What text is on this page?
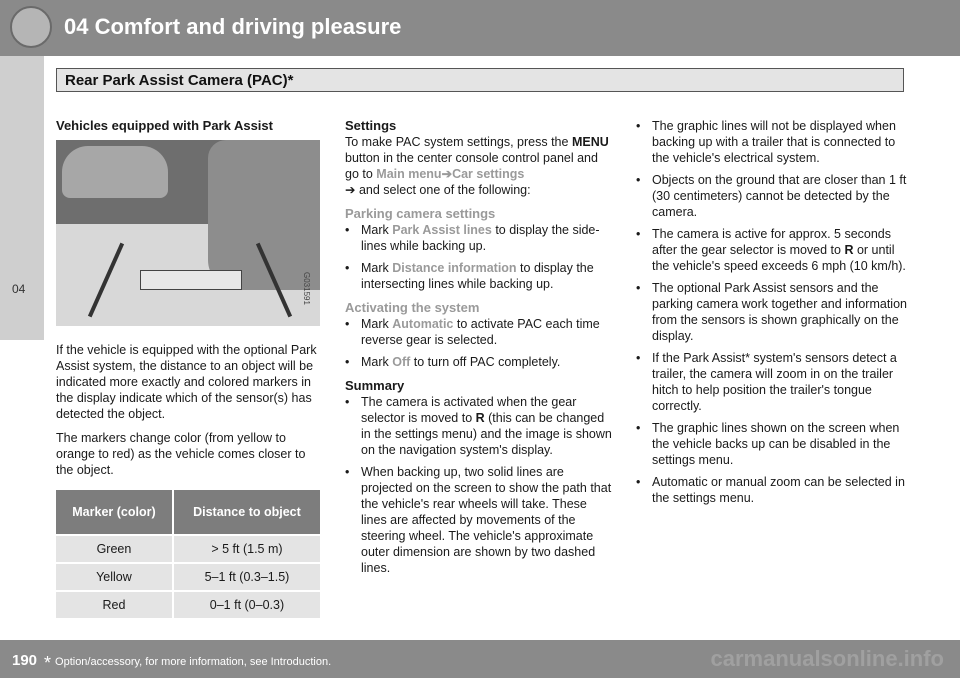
04 Comfort and driving pleasure
Rear Park Assist Camera (PAC)*
04
Vehicles equipped with Park Assist
G031591

If the vehicle is equipped with the optional Park Assist system, the distance to an object will be indicated more exactly and colored markers in the display indicate which of the sensor(s) has detected the object.

The markers change color (from yellow to orange to red) as the vehicle comes closer to the object.

Marker (color)	Distance to object
Green	> 5 ft (1.5 m)
Yellow	5–1 ft (0.3–1.5)
Red	0–1 ft (0–0.3)
Settings

To make PAC system settings, press the MENU button in the center console control panel and go to Main menu➔Car settings
➔ and select one of the following:

Parking camera settings
• Mark Park Assist lines to display the side-lines while backing up.
• Mark Distance information to display the intersecting lines while backing up.
Activating the system
• Mark Automatic to activate PAC each time reverse gear is selected.
• Mark Off to turn off PAC completely.
Summary
• The camera is activated when the gear selector is moved to R (this can be changed in the settings menu) and the image is shown on the navigation system's display.
• When backing up, two solid lines are projected on the screen to show the path that the vehicle's rear wheels will take. These lines are affected by movements of the steering wheel. The vehicle's approximate outer dimension are shown by two dashed lines.
• The graphic lines will not be displayed when backing up with a trailer that is connected to the vehicle's electrical system.
• Objects on the ground that are closer than 1 ft (30 centimeters) cannot be detected by the camera.
• The camera is active for approx. 5 seconds after the gear selector is moved to R or until the vehicle's speed exceeds 6 mph (10 km/h).
• The optional Park Assist sensors and the parking camera work together and information from the sensors is shown graphically on the display.
• If the Park Assist* system's sensors detect a trailer, the camera will zoom in on the trailer hitch to help position the trailer's tongue correctly.
• The graphic lines shown on the screen when the vehicle backs up can be disabled in the settings menu.
• Automatic or manual zoom can be selected in the settings menu.
190 * Option/accessory, for more information, see Introduction.	carmanualsonline.info
